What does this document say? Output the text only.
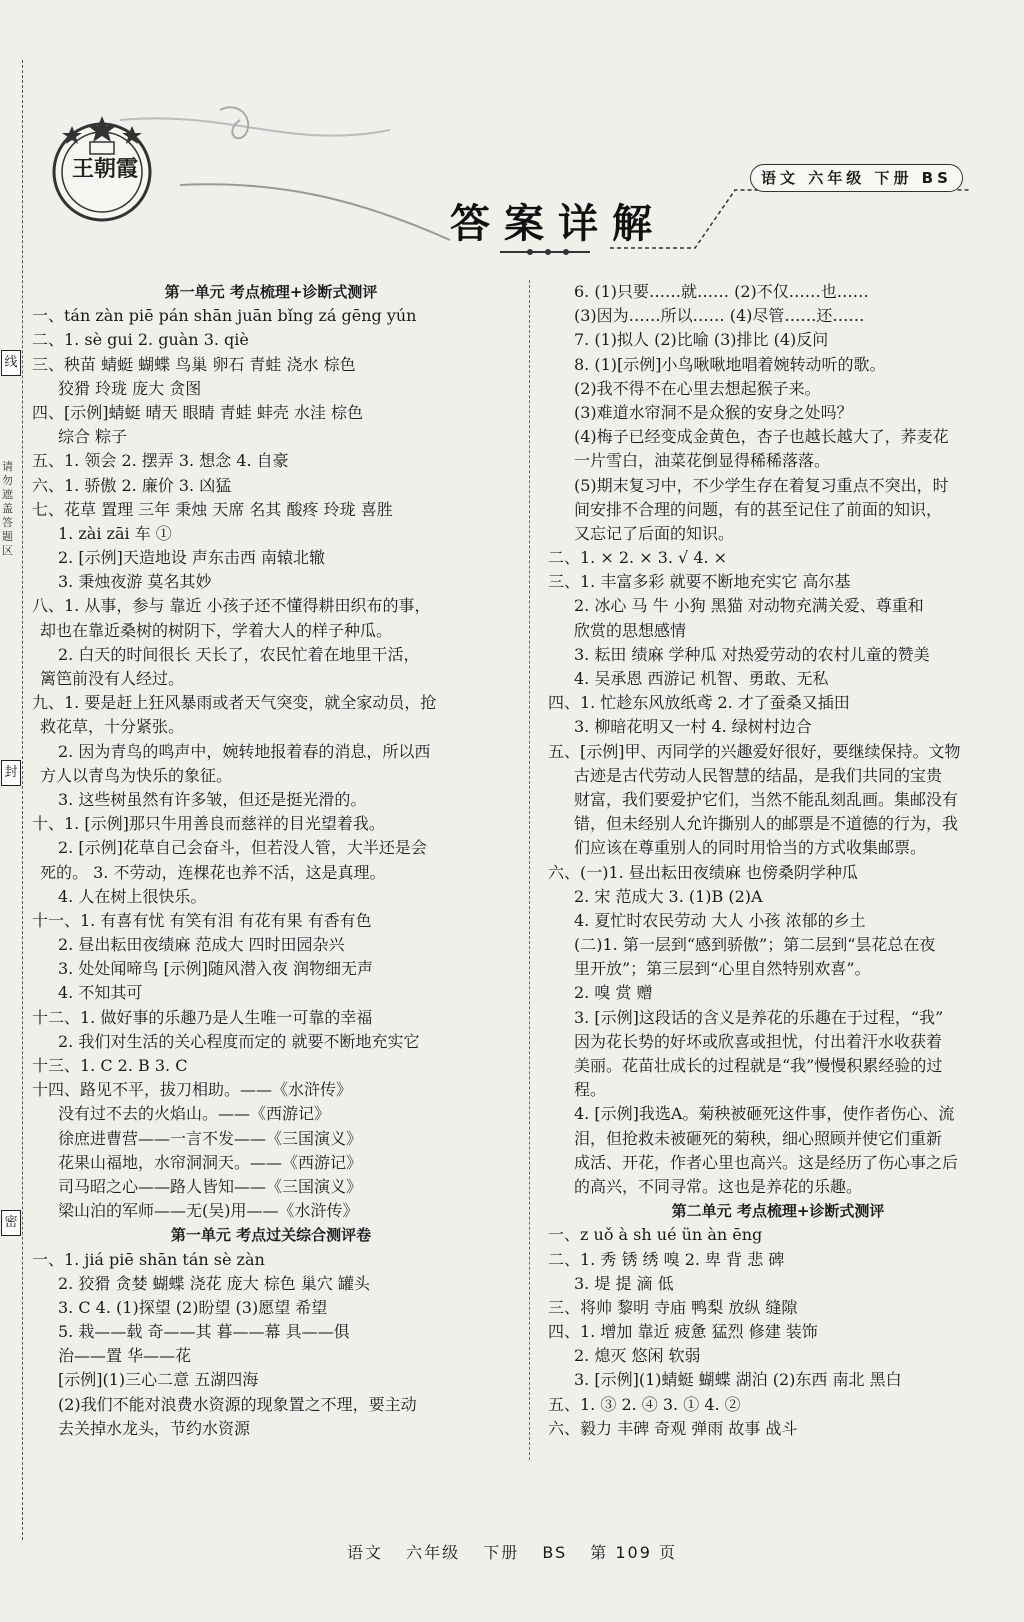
线
请勿遮盖答题区
封
密
王朝霞	语文 六年级 下册 BS
答案详解
第一单元 考点梳理+诊断式测评
一、tán zàn piē pán shān juān bǐng zá gēng yún
二、1. sè gui 2. guàn 3. qiè
三、秧苗 蜻蜓 蝴蝶 鸟巢 卵石 青蛙 浇水 棕色
狡猾 玲珑 庞大 贪图
四、[示例]蜻蜓 晴天 眼睛 青蛙 蚌壳 水洼 棕色
综合 粽子
五、1. 领会 2. 摆弄 3. 想念 4. 自豪
六、1. 骄傲 2. 廉价 3. 凶猛
七、花草 置理 三年 秉烛 天席 名其 酸疼 玲珑 喜胜
1. zài zāi 车 ①
2. [示例]天造地设 声东击西 南辕北辙
3. 秉烛夜游 莫名其妙
八、1. 从事，参与 靠近 小孩子还不懂得耕田织布的事，
却也在靠近桑树的树阴下，学着大人的样子种瓜。
2. 白天的时间很长 天长了，农民忙着在地里干活，
篱笆前没有人经过。
九、1. 要是赶上狂风暴雨或者天气突变，就全家动员，抢
救花草，十分紧张。
2. 因为青鸟的鸣声中，婉转地报着春的消息，所以西
方人以青鸟为快乐的象征。
3. 这些树虽然有许多皱，但还是挺光滑的。
十、1. [示例]那只牛用善良而慈祥的目光望着我。
2. [示例]花草自己会奋斗，但若没人管，大半还是会
死的。 3. 不劳动，连棵花也养不活，这是真理。
4. 人在树上很快乐。
十一、1. 有喜有忧 有笑有泪 有花有果 有香有色
2. 昼出耘田夜绩麻 范成大 四时田园杂兴
3. 处处闻啼鸟 [示例]随风潜入夜 润物细无声
4. 不知其可
十二、1. 做好事的乐趣乃是人生唯一可靠的幸福
2. 我们对生活的关心程度而定的 就要不断地充实它
十三、1. C 2. B 3. C
十四、路见不平，拔刀相助。——《水浒传》
没有过不去的火焰山。——《西游记》
徐庶进曹营——一言不发——《三国演义》
花果山福地，水帘洞洞天。——《西游记》
司马昭之心——路人皆知——《三国演义》
梁山泊的军师——无(吴)用——《水浒传》
第一单元 考点过关综合测评卷
一、1. jiá piē shān tán sè zàn
2. 狡猾 贪婪 蝴蝶 浇花 庞大 棕色 巢穴 罐头
3. C 4. (1)探望 (2)盼望 (3)愿望 希望
5. 栽——载 奇——其 暮——幕 具——俱
治——置 华——花
[示例](1)三心二意 五湖四海
(2)我们不能对浪费水资源的现象置之不理，要主动
去关掉水龙头，节约水资源
6. (1)只要……就…… (2)不仅……也……
(3)因为……所以…… (4)尽管……还……
7. (1)拟人 (2)比喻 (3)排比 (4)反问
8. (1)[示例]小鸟啾啾地唱着婉转动听的歌。
(2)我不得不在心里去想起猴子来。
(3)难道水帘洞不是众猴的安身之处吗？
(4)梅子已经变成金黄色，杏子也越长越大了，荞麦花
一片雪白，油菜花倒显得稀稀落落。
(5)期末复习中，不少学生存在着复习重点不突出，时
间安排不合理的问题，有的甚至记住了前面的知识，
又忘记了后面的知识。
二、1. × 2. × 3. √ 4. ×
三、1. 丰富多彩 就要不断地充实它 高尔基
2. 冰心 马 牛 小狗 黑猫 对动物充满关爱、尊重和
欣赏的思想感情
3. 耘田 绩麻 学种瓜 对热爱劳动的农村儿童的赞美
4. 吴承恩 西游记 机智、勇敢、无私
四、1. 忙趁东风放纸鸢 2. 才了蚕桑又插田
3. 柳暗花明又一村 4. 绿树村边合
五、[示例]甲、丙同学的兴趣爱好很好，要继续保持。文物
古迹是古代劳动人民智慧的结晶，是我们共同的宝贵
财富，我们要爱护它们，当然不能乱刻乱画。集邮没有
错，但未经别人允许撕别人的邮票是不道德的行为，我
们应该在尊重别人的同时用恰当的方式收集邮票。
六、(一)1. 昼出耘田夜绩麻 也傍桑阴学种瓜
2. 宋 范成大 3. (1)B (2)A
4. 夏忙时农民劳动 大人 小孩 浓郁的乡土
(二)1. 第一层到“感到骄傲”；第二层到“昙花总在夜
里开放”；第三层到“心里自然特别欢喜”。
2. 嗅 赏 赠
3. [示例]这段话的含义是养花的乐趣在于过程，“我”
因为花长势的好坏或欣喜或担忧，付出着汗水收获着
美丽。花苗壮成长的过程就是“我”慢慢积累经验的过
程。
4. [示例]我选A。菊秧被砸死这件事，使作者伤心、流
泪，但抢救未被砸死的菊秧，细心照顾并使它们重新
成活、开花，作者心里也高兴。这是经历了伤心事之后
的高兴，不同寻常。这也是养花的乐趣。
第二单元 考点梳理+诊断式测评
一、z uǒ à sh ué ün àn ēng
二、1. 秀 锈 绣 嗅 2. 卑 背 悲 碑
3. 堤 提 滴 低
三、将帅 黎明 寺庙 鸭梨 放纵 缝隙
四、1. 增加 靠近 疲惫 猛烈 修建 装饰
2. 熄灭 悠闲 软弱
3. [示例](1)蜻蜓 蝴蝶 湖泊 (2)东西 南北 黑白
五、1. ③ 2. ④ 3. ① 4. ②
六、毅力 丰碑 奇观 弹雨 故事 战斗
语文 六年级 下册 BS 第 109 页
